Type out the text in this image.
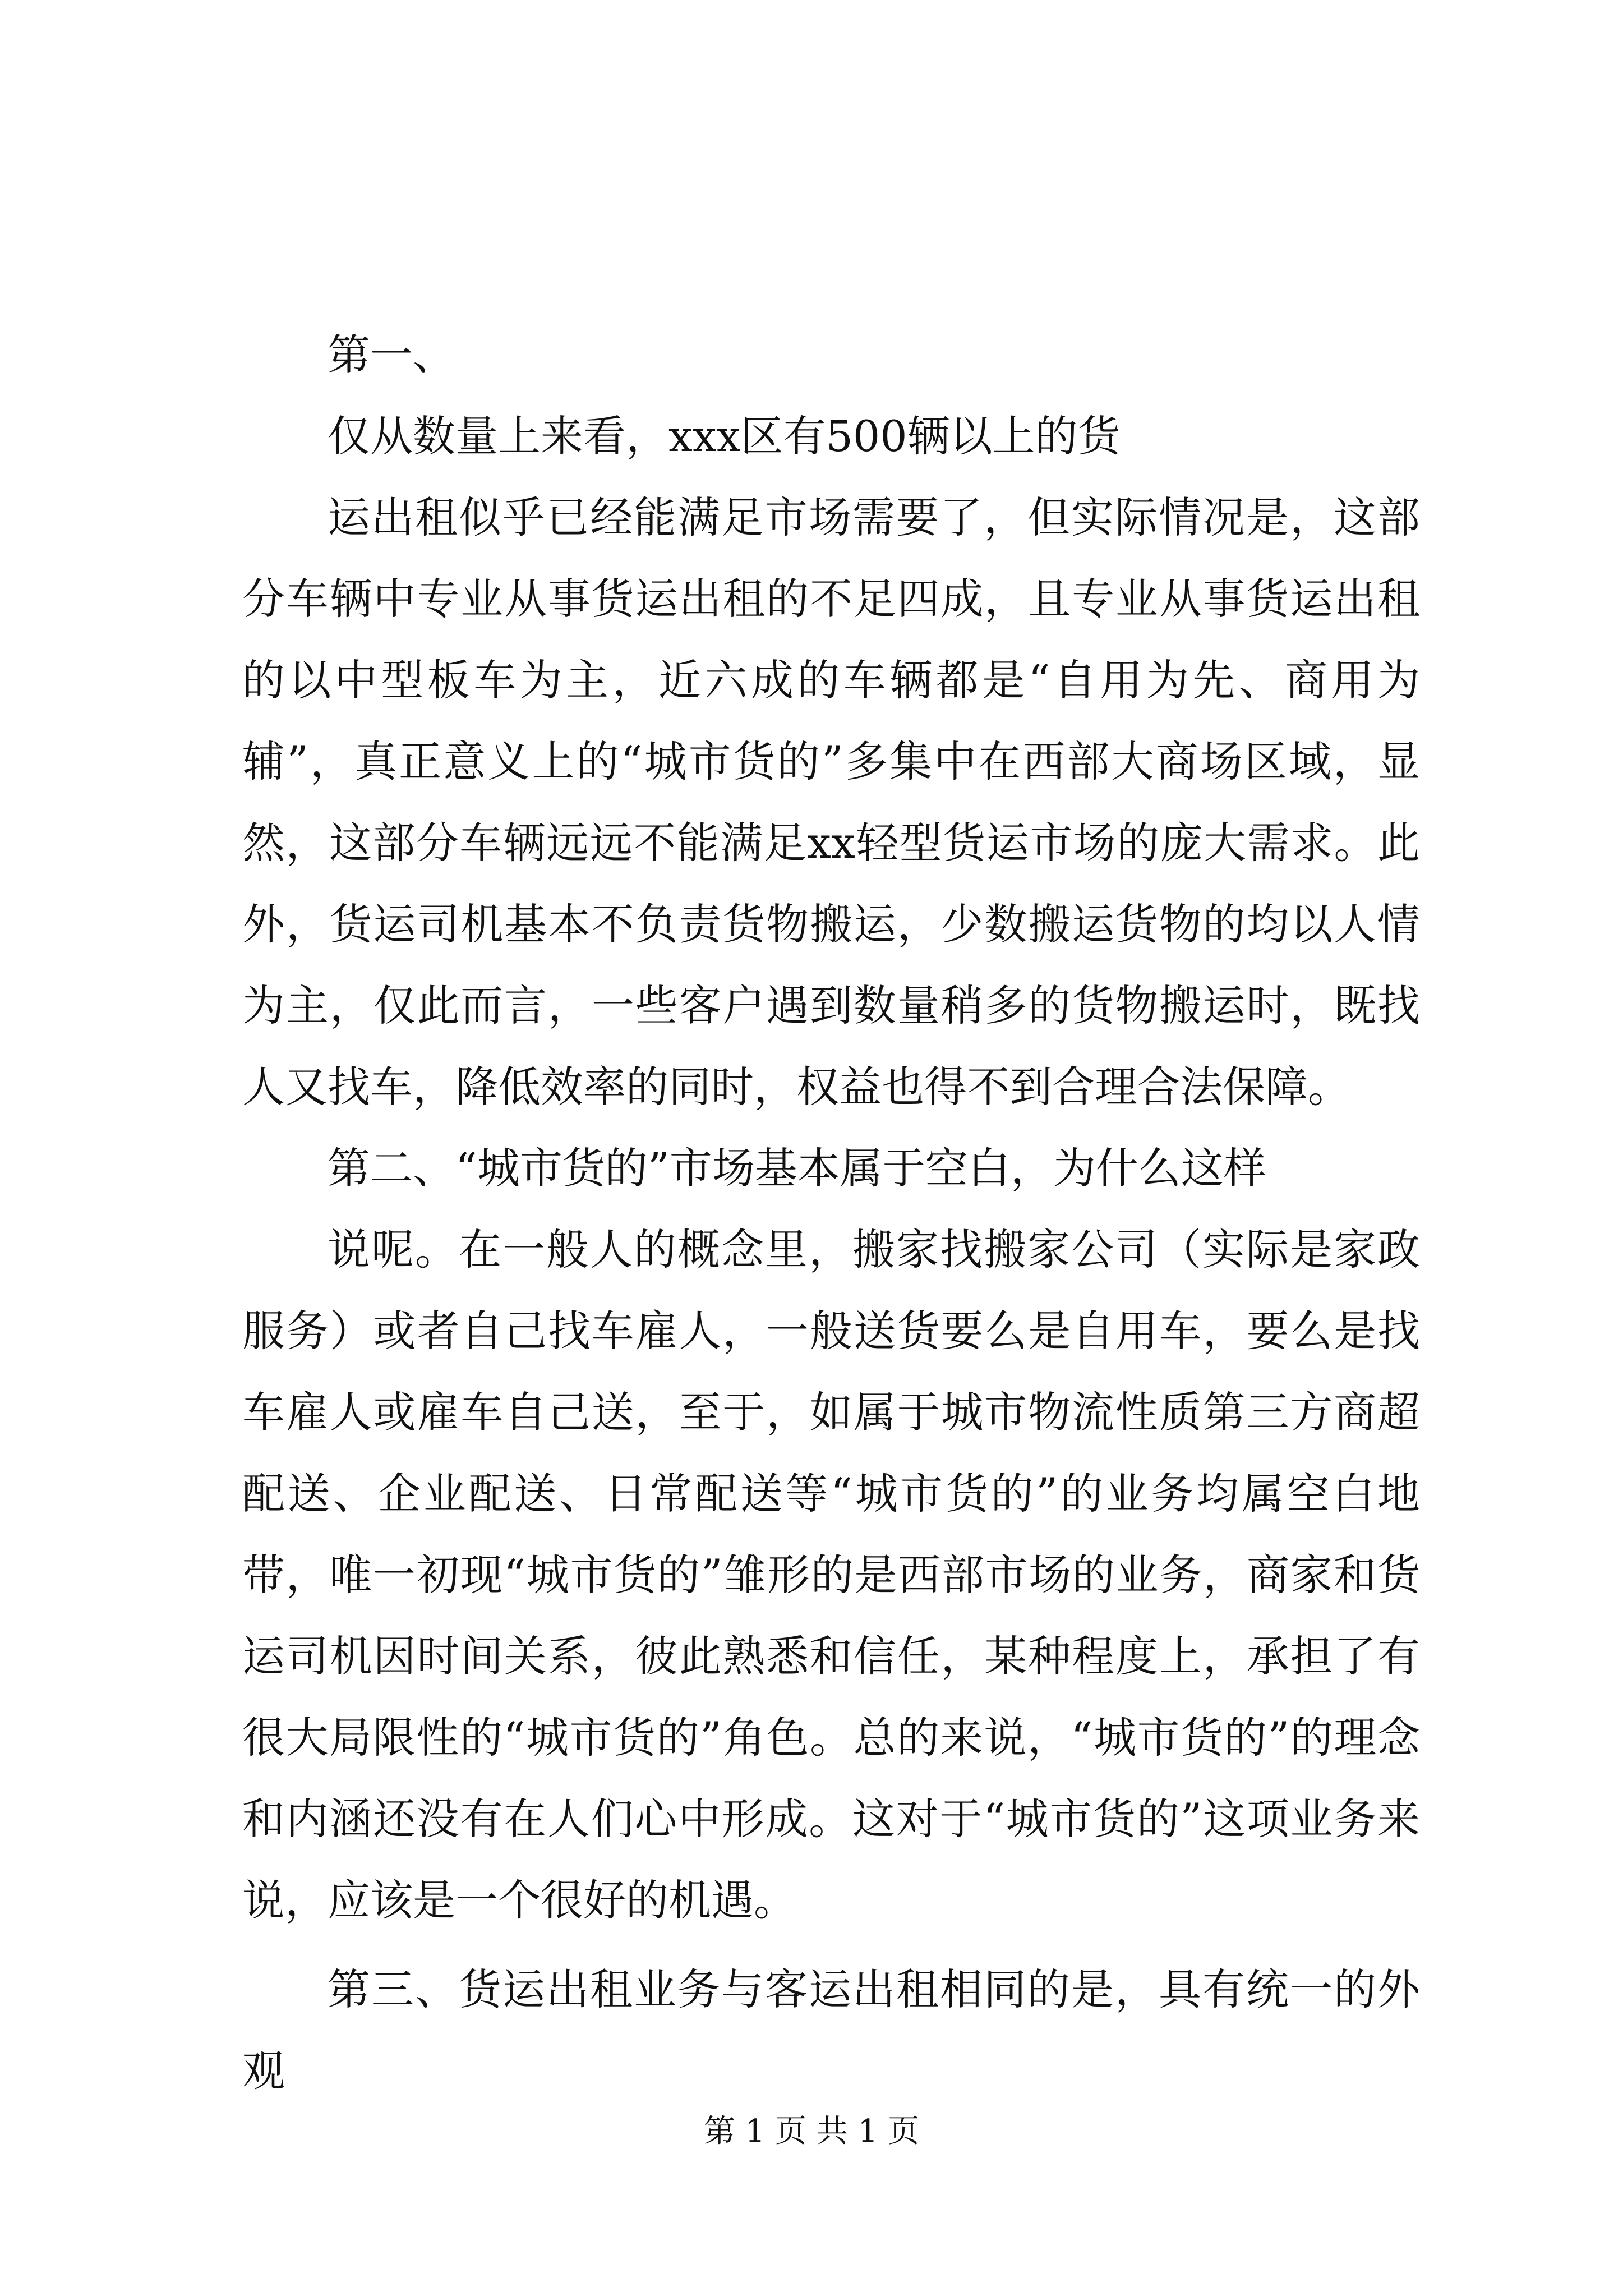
第一、

仅从数量上来看，xxx区有500辆以上的货

运出租似乎已经能满足市场需要了，但实际情况是，这部分车辆中专业从事货运出租的不足四成，且专业从事货运出租的以中型板车为主，近六成的车辆都是“自用为先、商用为辅”，真正意义上的“城市货的”多集中在西部大商场区域，显然，这部分车辆远远不能满足xx轻型货运市场的庞大需求。此外，货运司机基本不负责货物搬运，少数搬运货物的均以人情为主，仅此而言，一些客户遇到数量稍多的货物搬运时，既找人又找车，降低效率的同时，权益也得不到合理合法保障。

第二、“城市货的”市场基本属于空白，为什么这样

说呢。在一般人的概念里，搬家找搬家公司（实际是家政服务）或者自己找车雇人，一般送货要么是自用车，要么是找车雇人或雇车自己送，至于，如属于城市物流性质第三方商超配送、企业配送、日常配送等“城市货的”的业务均属空白地带，唯一初现“城市货的”雏形的是西部市场的业务，商家和货运司机因时间关系，彼此熟悉和信任，某种程度上，承担了有很大局限性的“城市货的”角色。总的来说，“城市货的”的理念和内涵还没有在人们心中形成。这对于“城市货的”这项业务来说，应该是一个很好的机遇。

第三、货运出租业务与客运出租相同的是，具有统一的外观

第 1 页 共 1 页
